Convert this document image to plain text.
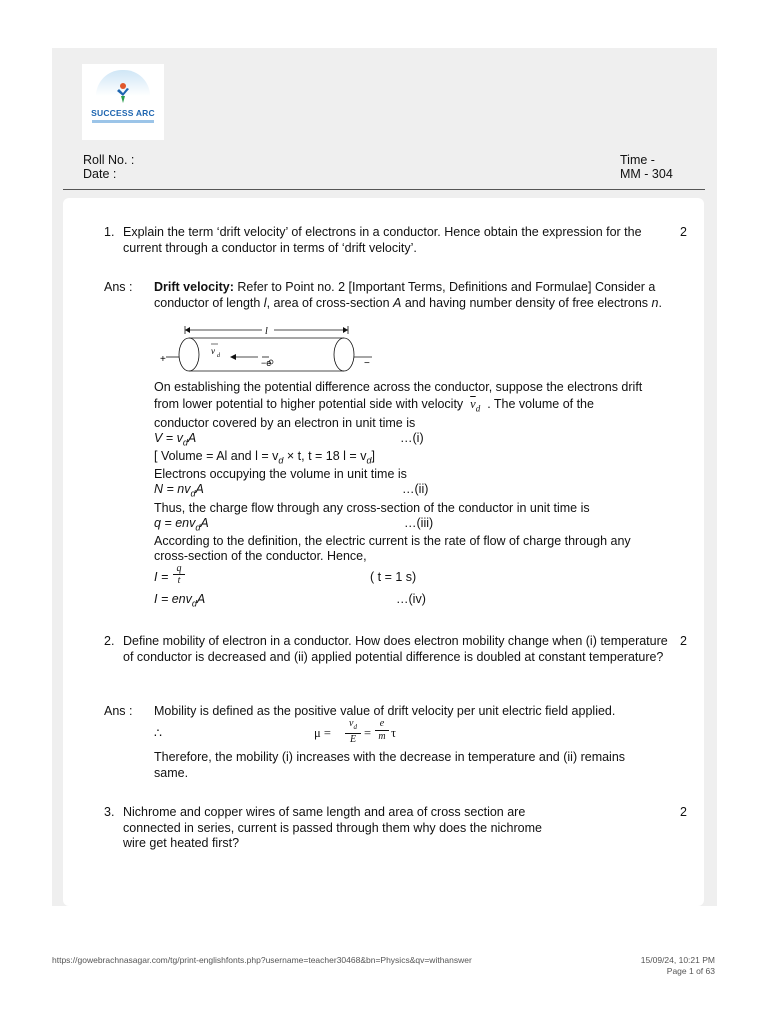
SUCCESS ARC
Roll No. :
Date :
Time -
MM - 304
1. Explain the term ‘drift velocity’ of electrons in a conductor. Hence obtain the expression for the current through a conductor in terms of ‘drift velocity’.
2
Ans : Drift velocity: Refer to Point no. 2 [Important Terms, Definitions and Formulae] Consider a conductor of length l, area of cross-section A and having number density of free electrons n.
l
+	−
v d
−e
On establishing the potential difference across the conductor, suppose the electrons drift
from lower potential to higher potential side with velocity $\overline{v}_d$ . The volume of the
conductor covered by an electron in unit time is
$V = v_dA$	…(i)
[ Volume = Al and $l = v_d \times t$, t = 18 $l = v_d$]
Electrons occupying the volume in unit time is
$N = nv_dA$	…(ii)
Thus, the charge flow through any cross-section of the conductor in unit time is
q = env$_d$A	…(iii)
According to the definition, the electric current is the rate of flow of charge through any
cross-section of the conductor. Hence,
I =
q
t	( t = 1 s)
I = env$_d$A	…(iv)
2. Define mobility of electron in a conductor. How does electron mobility change when (i) temperature of conductor is decreased and (ii) applied potential difference is doubled at constant temperature?
2
Ans : Mobility is defined as the positive value of drift velocity per unit electric field applied.
∴	μ =
$v_d$
E =
e
m τ
Therefore, the mobility (i) increases with the decrease in temperature and (ii) remains same.
3. Nichrome and copper wires of same length and area of cross section are connected in series, current is passed through them why does the nichrome wire get heated first?
2
https://gowebrachnasagar.com/tg/print-englishfonts.php?username=teacher30468&bn=Physics&qv=withanswer	15/09/24, 10:21 PM
Page 1 of 63
